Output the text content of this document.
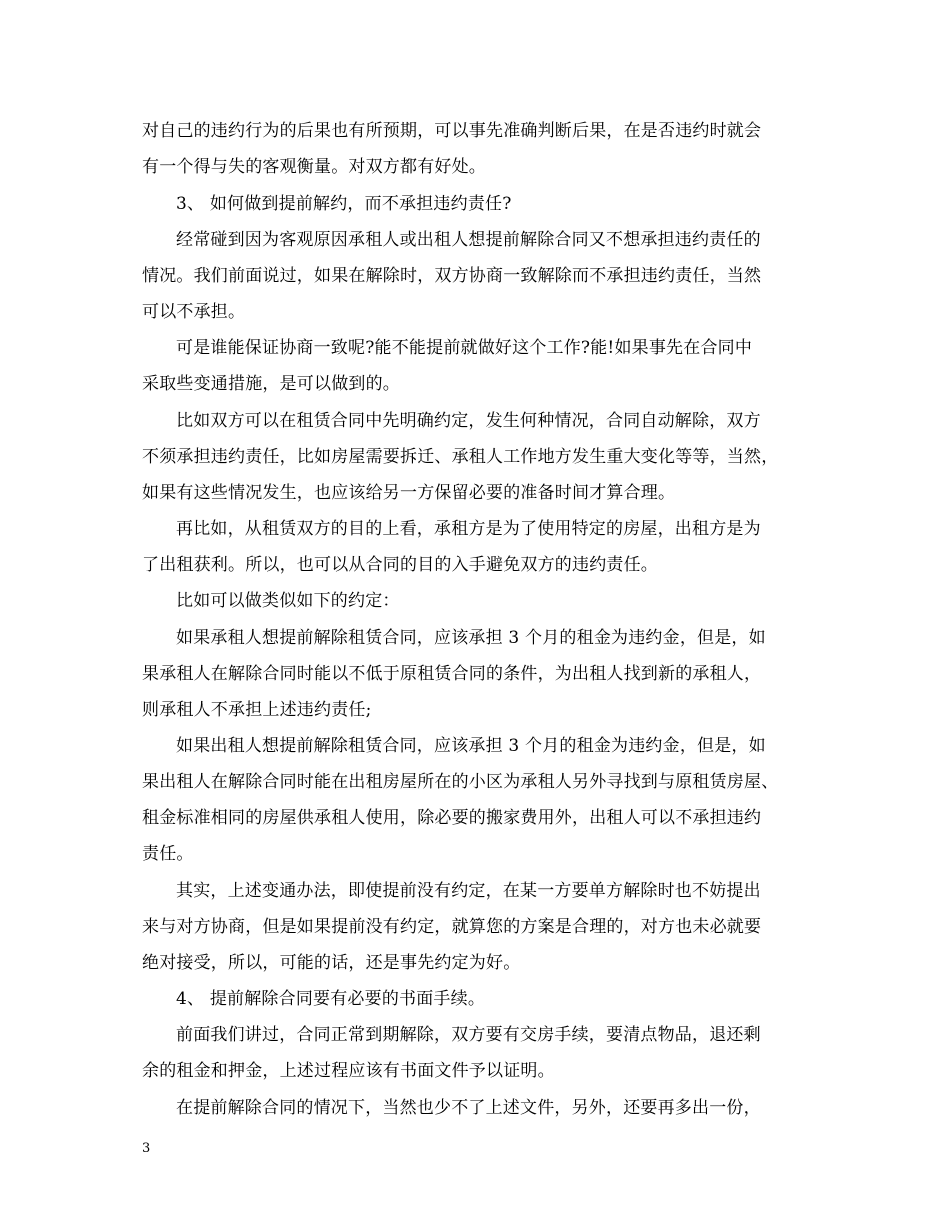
对自己的违约行为的后果也有所预期，可以事先准确判断后果，在是否违约时就会
有一个得与失的客观衡量。对双方都有好处。
3、 如何做到提前解约，而不承担违约责任?
经常碰到因为客观原因承租人或出租人想提前解除合同又不想承担违约责任的
情况。我们前面说过，如果在解除时，双方协商一致解除而不承担违约责任，当然
可以不承担。
可是谁能保证协商一致呢?能不能提前就做好这个工作?能!如果事先在合同中
采取些变通措施，是可以做到的。
比如双方可以在租赁合同中先明确约定，发生何种情况，合同自动解除，双方
不须承担违约责任，比如房屋需要拆迁、承租人工作地方发生重大变化等等，当然，
如果有这些情况发生，也应该给另一方保留必要的准备时间才算合理。
再比如，从租赁双方的目的上看，承租方是为了使用特定的房屋，出租方是为
了出租获利。所以，也可以从合同的目的入手避免双方的违约责任。
比如可以做类似如下的约定：
如果承租人想提前解除租赁合同，应该承担 3 个月的租金为违约金，但是，如
果承租人在解除合同时能以不低于原租赁合同的条件，为出租人找到新的承租人，
则承租人不承担上述违约责任;
如果出租人想提前解除租赁合同，应该承担 3 个月的租金为违约金，但是，如
果出租人在解除合同时能在出租房屋所在的小区为承租人另外寻找到与原租赁房屋、
租金标准相同的房屋供承租人使用，除必要的搬家费用外，出租人可以不承担违约
责任。
其实，上述变通办法，即使提前没有约定，在某一方要单方解除时也不妨提出
来与对方协商，但是如果提前没有约定，就算您的方案是合理的，对方也未必就要
绝对接受，所以，可能的话，还是事先约定为好。
4、 提前解除合同要有必要的书面手续。
前面我们讲过，合同正常到期解除，双方要有交房手续，要清点物品，退还剩
余的租金和押金，上述过程应该有书面文件予以证明。
在提前解除合同的情况下，当然也少不了上述文件，另外，还要再多出一份，
3
